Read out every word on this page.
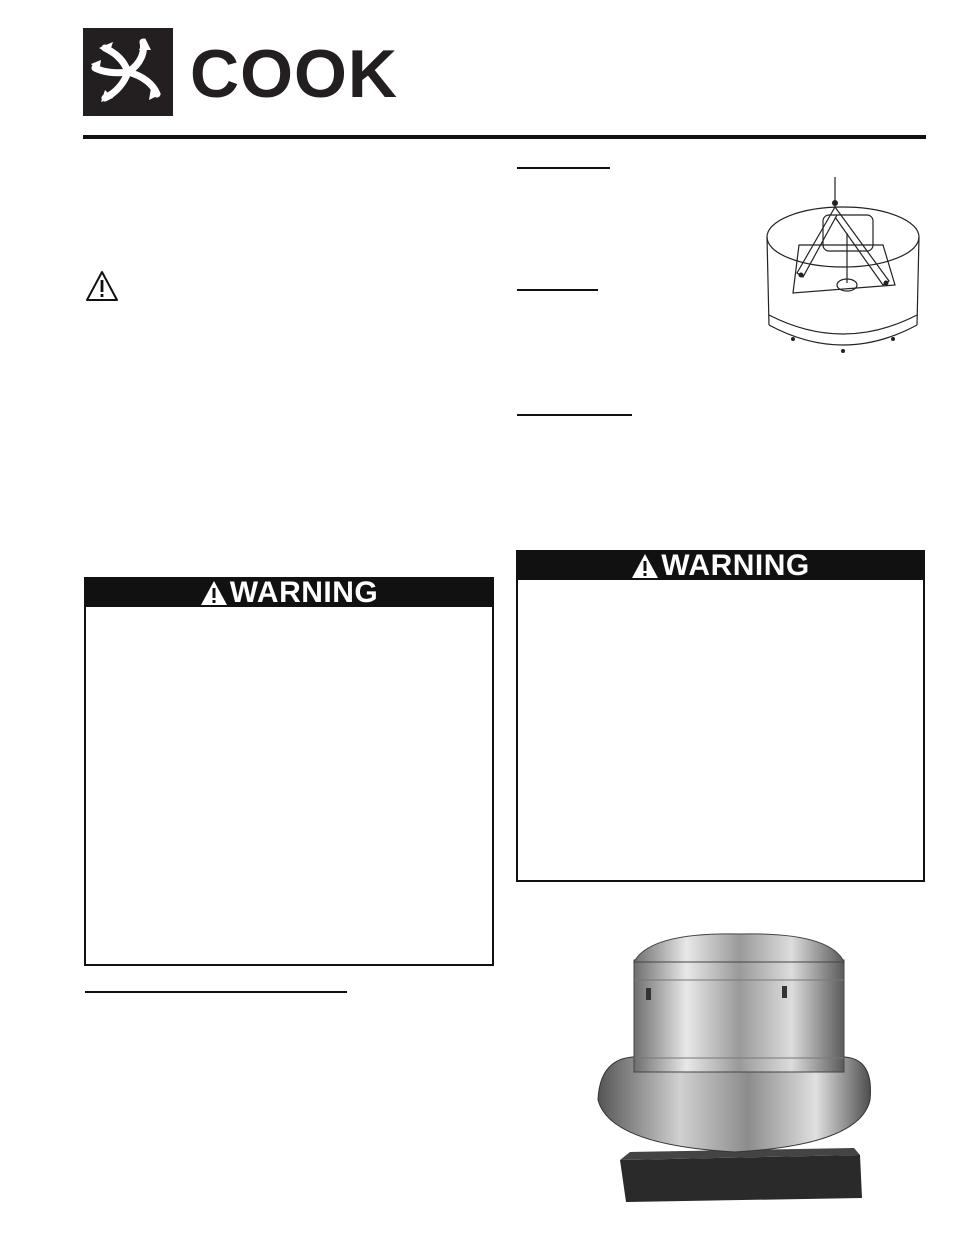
COOK
WARNING
WARNING
